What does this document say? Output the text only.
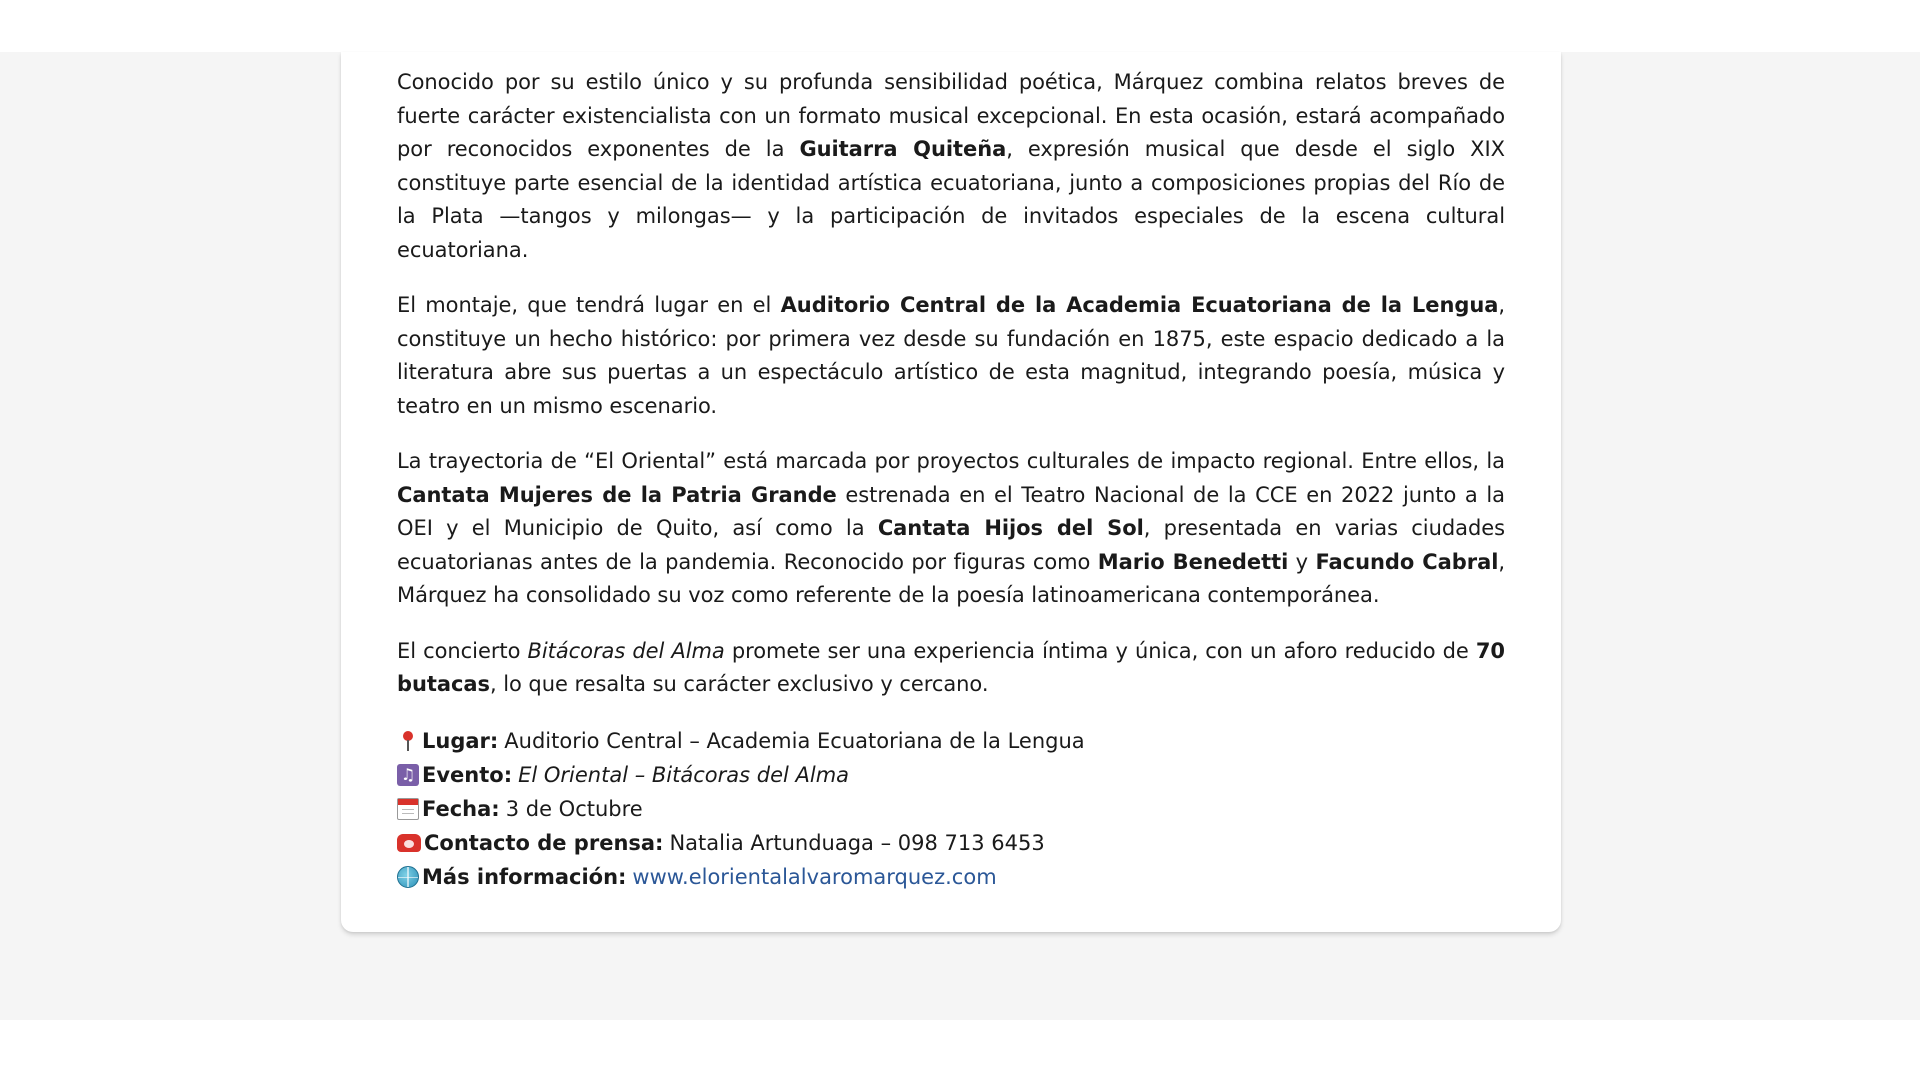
Conocido por su estilo único y su profunda sensibilidad poética, Márquez combina relatos breves de fuerte carácter existencialista con un formato musical excepcional. En esta ocasión, estará acompañado por reconocidos exponentes de la Guitarra Quiteña, expresión musical que desde el siglo XIX constituye parte esencial de la identidad artística ecuatoriana, junto a composiciones propias del Río de la Plata —tangos y milongas— y la participación de invitados especiales de la escena cultural ecuatoriana.

El montaje, que tendrá lugar en el Auditorio Central de la Academia Ecuatoriana de la Lengua, constituye un hecho histórico: por primera vez desde su fundación en 1875, este espacio dedicado a la literatura abre sus puertas a un espectáculo artístico de esta magnitud, integrando poesía, música y teatro en un mismo escenario.

La trayectoria de “El Oriental” está marcada por proyectos culturales de impacto regional. Entre ellos, la Cantata Mujeres de la Patria Grande estrenada en el Teatro Nacional de la CCE en 2022 junto a la OEI y el Municipio de Quito, así como la Cantata Hijos del Sol, presentada en varias ciudades ecuatorianas antes de la pandemia. Reconocido por figuras como Mario Benedetti y Facundo Cabral, Márquez ha consolidado su voz como referente de la poesía latinoamericana contemporánea.

El concierto Bitácoras del Alma promete ser una experiencia íntima y única, con un aforo reducido de 70 butacas, lo que resalta su carácter exclusivo y cercano.

Lugar: Auditorio Central – Academia Ecuatoriana de la Lengua
♫ Evento: El Oriental – Bitácoras del Alma
Fecha: 3 de Octubre
Contacto de prensa: Natalia Artunduaga – 098 713 6453
Más información: www.elorientalalvaromarquez.com
